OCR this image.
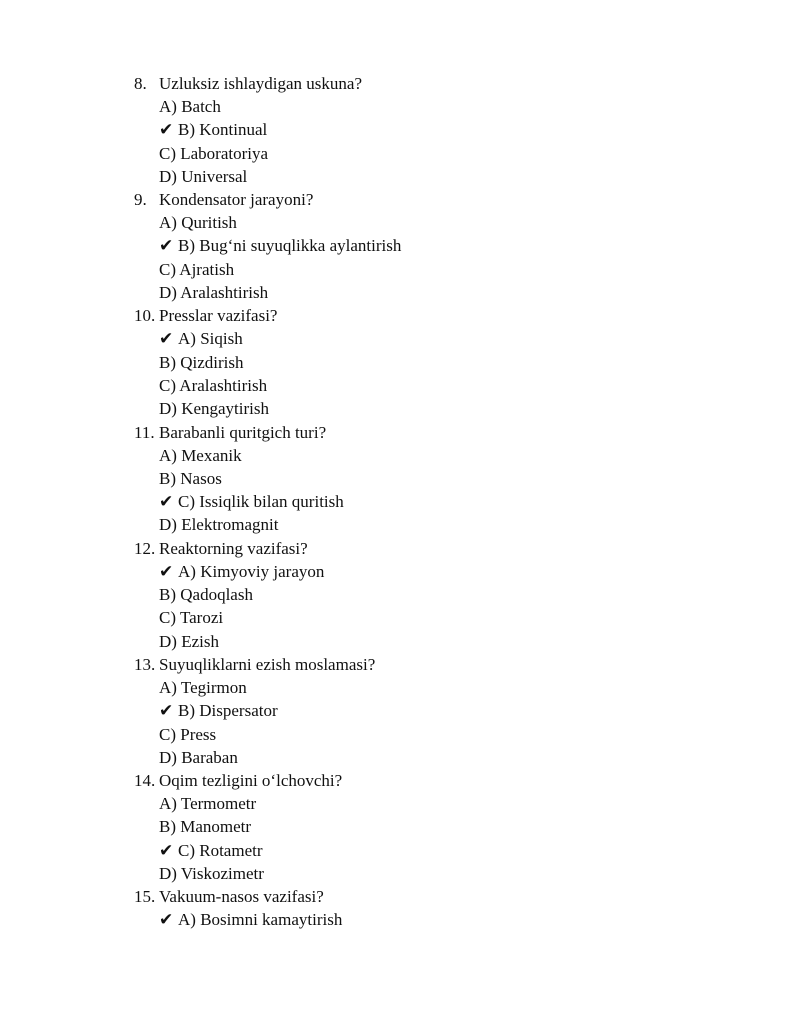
8. Uzluksiz ishlaydigan uskuna?
A) Batch
✔ B) Kontinual
C) Laboratoriya
D) Universal
9. Kondensator jarayoni?
A) Quritish
✔ B) Bug‘ni suyuqlikka aylantirish
C) Ajratish
D) Aralashtirish
10. Presslar vazifasi?
✔ A) Siqish
B) Qizdirish
C) Aralashtirish
D) Kengaytirish
11. Barabanli quritgich turi?
A) Mexanik
B) Nasos
✔ C) Issiqlik bilan quritish
D) Elektromagnit
12. Reaktorning vazifasi?
✔ A) Kimyoviy jarayon
B) Qadoqlash
C) Tarozi
D) Ezish
13. Suyuqliklarni ezish moslamasi?
A) Tegirmon
✔ B) Dispersator
C) Press
D) Baraban
14. Oqim tezligini o‘lchovchi?
A) Termometr
B) Manometr
✔ C) Rotametr
D) Viskozimetr
15. Vakuum-nasos vazifasi?
✔ A) Bosimni kamaytirish
